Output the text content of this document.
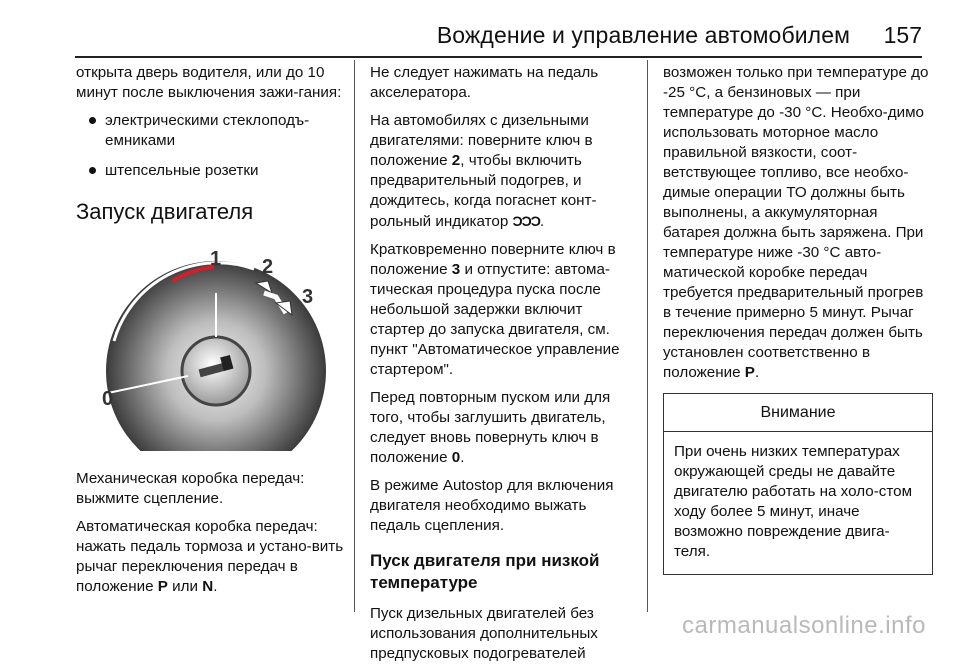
Вождение и управление автомобилем 157

открыта дверь водителя, или до 10 минут после выключения зажи-гания:

электрическими стеклоподъ-емниками
штепсельные розетки
Запуск двигателя
0
1 2
3

Механическая коробка передач: выжмите сцепление.

Автоматическая коробка передач: нажать педаль тормоза и устано-вить рычаг переключения передач в положение P или N.

Не следует нажимать на педаль акселератора.

На автомобилях с дизельными двигателями: поверните ключ в положение 2, чтобы включить предварительный подогрев, и дождитесь, когда погаснет конт-рольный индикатор ƆƆƆ.

Кратковременно поверните ключ в положение 3 и отпустите: автома-тическая процедура пуска после небольшой задержки включит стартер до запуска двигателя, см. пункт "Автоматическое управление стартером".

Перед повторным пуском или для того, чтобы заглушить двигатель, следует вновь повернуть ключ в положение 0.

В режиме Autostop для включения двигателя необходимо выжать педаль сцепления.

Пуск двигателя при низкой температуре

Пуск дизельных двигателей без использования дополнительных предпусковых подогревателей

возможен только при температуре до -25 °C, а бензиновых — при температуре до -30 °C. Необхо-димо использовать моторное масло правильной вязкости, соот-ветствующее топливо, все необхо-димые операции ТО должны быть выполнены, а аккумуляторная батарея должна быть заряжена. При температуре ниже -30 °C авто-матической коробке передач требуется предварительный прогрев в течение примерно 5 минут. Рычаг переключения передач должен быть установлен соответственно в положение P.

Внимание
При очень низких температурах окружающей среды не давайте двигателю работать на холо-стом ходу более 5 минут, иначе возможно повреждение двига-теля.
carmanualsonline.info
